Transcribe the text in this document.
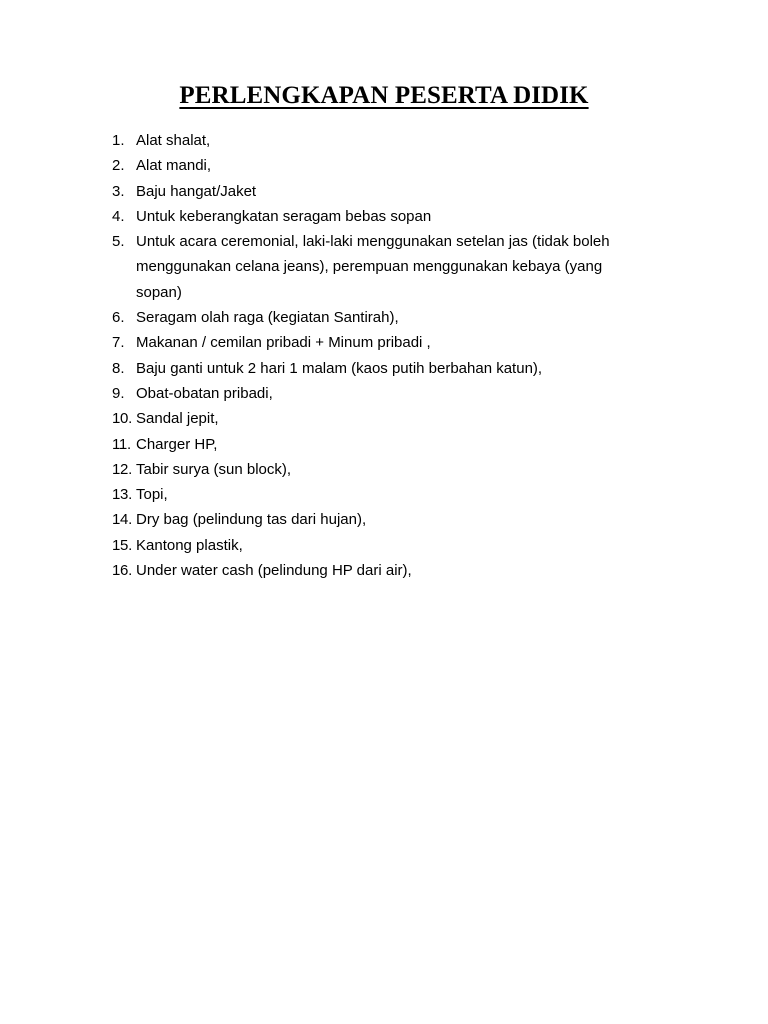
PERLENGKAPAN PESERTA DIDIK
1. Alat shalat,
2. Alat mandi,
3. Baju hangat/Jaket
4. Untuk keberangkatan seragam bebas sopan
5. Untuk acara ceremonial, laki-laki menggunakan setelan jas (tidak boleh menggunakan celana jeans), perempuan menggunakan kebaya (yang sopan)
6. Seragam olah raga (kegiatan Santirah),
7. Makanan / cemilan pribadi + Minum pribadi ,
8. Baju ganti untuk 2 hari 1 malam (kaos putih berbahan katun),
9. Obat-obatan pribadi,
10. Sandal jepit,
11. Charger HP,
12. Tabir surya (sun block),
13. Topi,
14. Dry bag (pelindung tas dari hujan),
15. Kantong plastik,
16. Under water cash (pelindung HP dari air),
